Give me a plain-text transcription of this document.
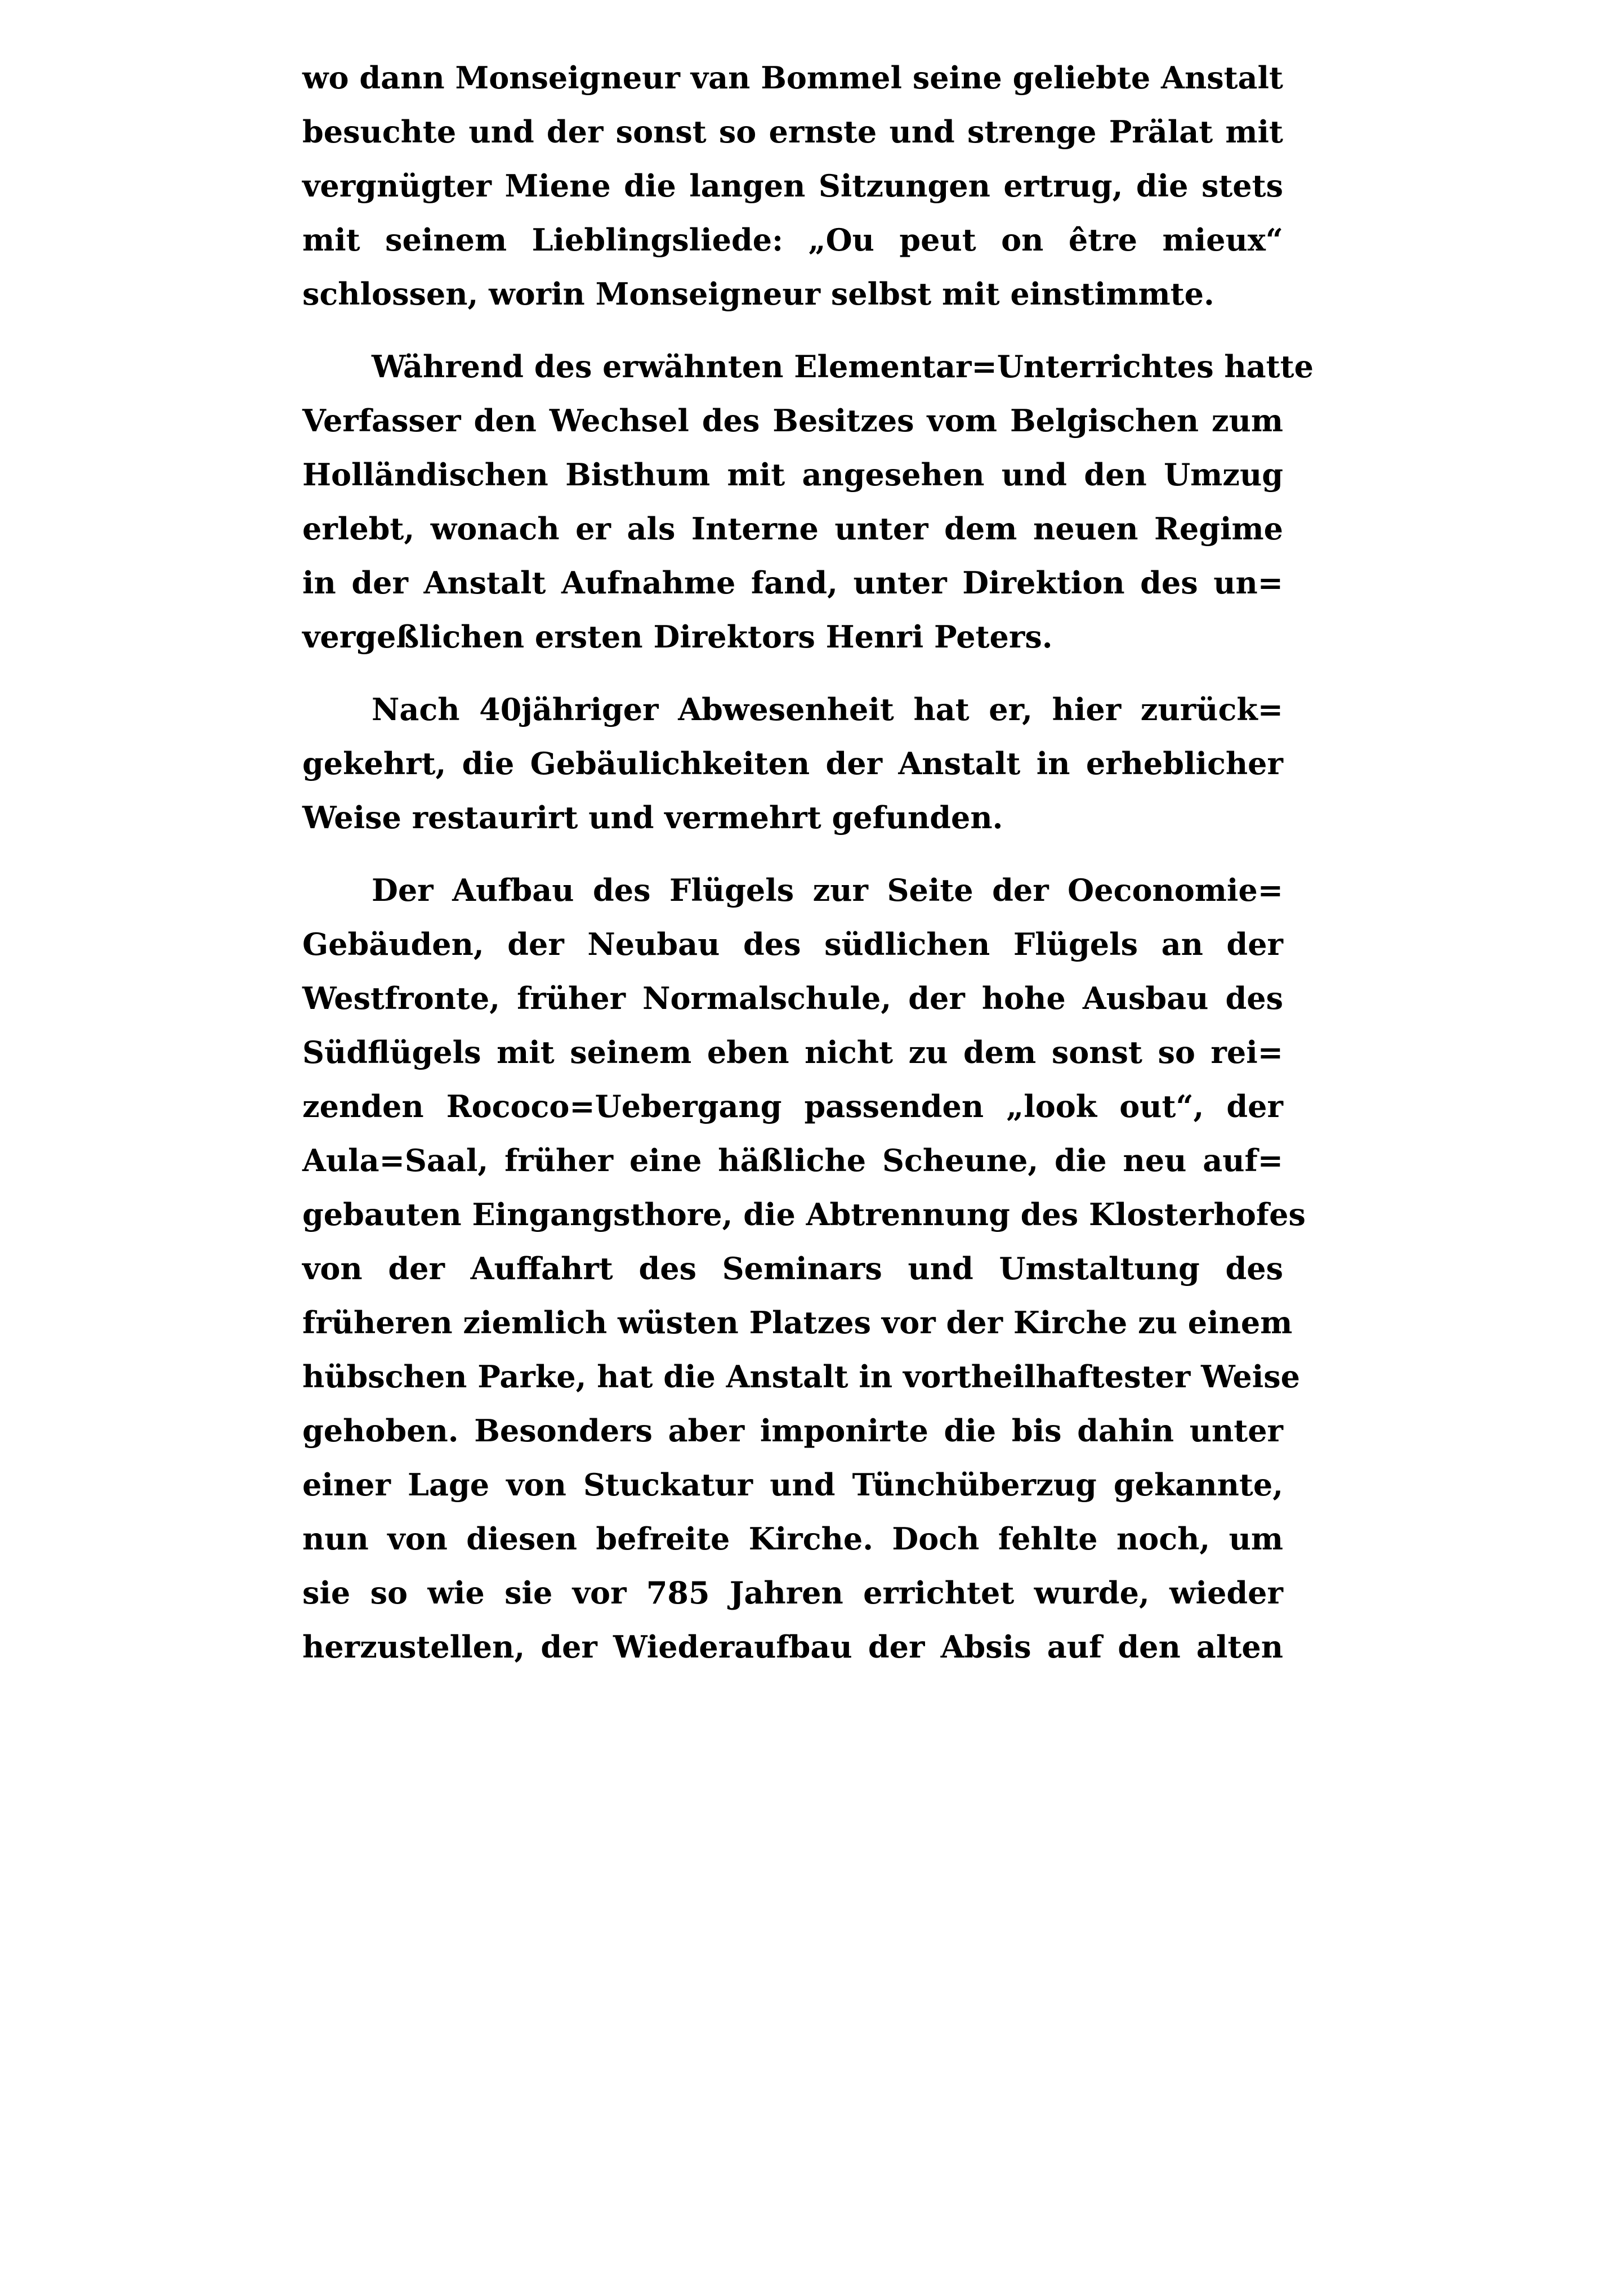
wo dann Monseigneur van Bommel seine geliebte Anstalt
besuchte und der sonst so ernste und strenge Prälat mit
vergnügter Miene die langen Sitzungen ertrug, die stets
mit seinem Lieblingsliede: „Ou peut on être mieux“
schlossen, worin Monseigneur selbst mit einstimmte.
Während des erwähnten Elementar=Unterrichtes hatte
Verfasser den Wechsel des Besitzes vom Belgischen zum
Holländischen Bisthum mit angesehen und den Umzug
erlebt, wonach er als Interne unter dem neuen Regime
in der Anstalt Aufnahme fand, unter Direktion des un=
vergeßlichen ersten Direktors Henri Peters.
Nach 40jähriger Abwesenheit hat er, hier zurück=
gekehrt, die Gebäulichkeiten der Anstalt in erheblicher
Weise restaurirt und vermehrt gefunden.
Der Aufbau des Flügels zur Seite der Oeconomie=
Gebäuden, der Neubau des südlichen Flügels an der
Westfronte, früher Normalschule, der hohe Ausbau des
Südflügels mit seinem eben nicht zu dem sonst so rei=
zenden Rococo=Uebergang passenden „look out“, der
Aula=Saal, früher eine häßliche Scheune, die neu auf=
gebauten Eingangsthore, die Abtrennung des Klosterhofes
von der Auffahrt des Seminars und Umstaltung des
früheren ziemlich wüsten Platzes vor der Kirche zu einem
hübschen Parke, hat die Anstalt in vortheilhaftester Weise
gehoben. Besonders aber imponirte die bis dahin unter
einer Lage von Stuckatur und Tünchüberzug gekannte,
nun von diesen befreite Kirche. Doch fehlte noch, um
sie so wie sie vor 785 Jahren errichtet wurde, wieder
herzustellen, der Wiederaufbau der Absis auf den alten
